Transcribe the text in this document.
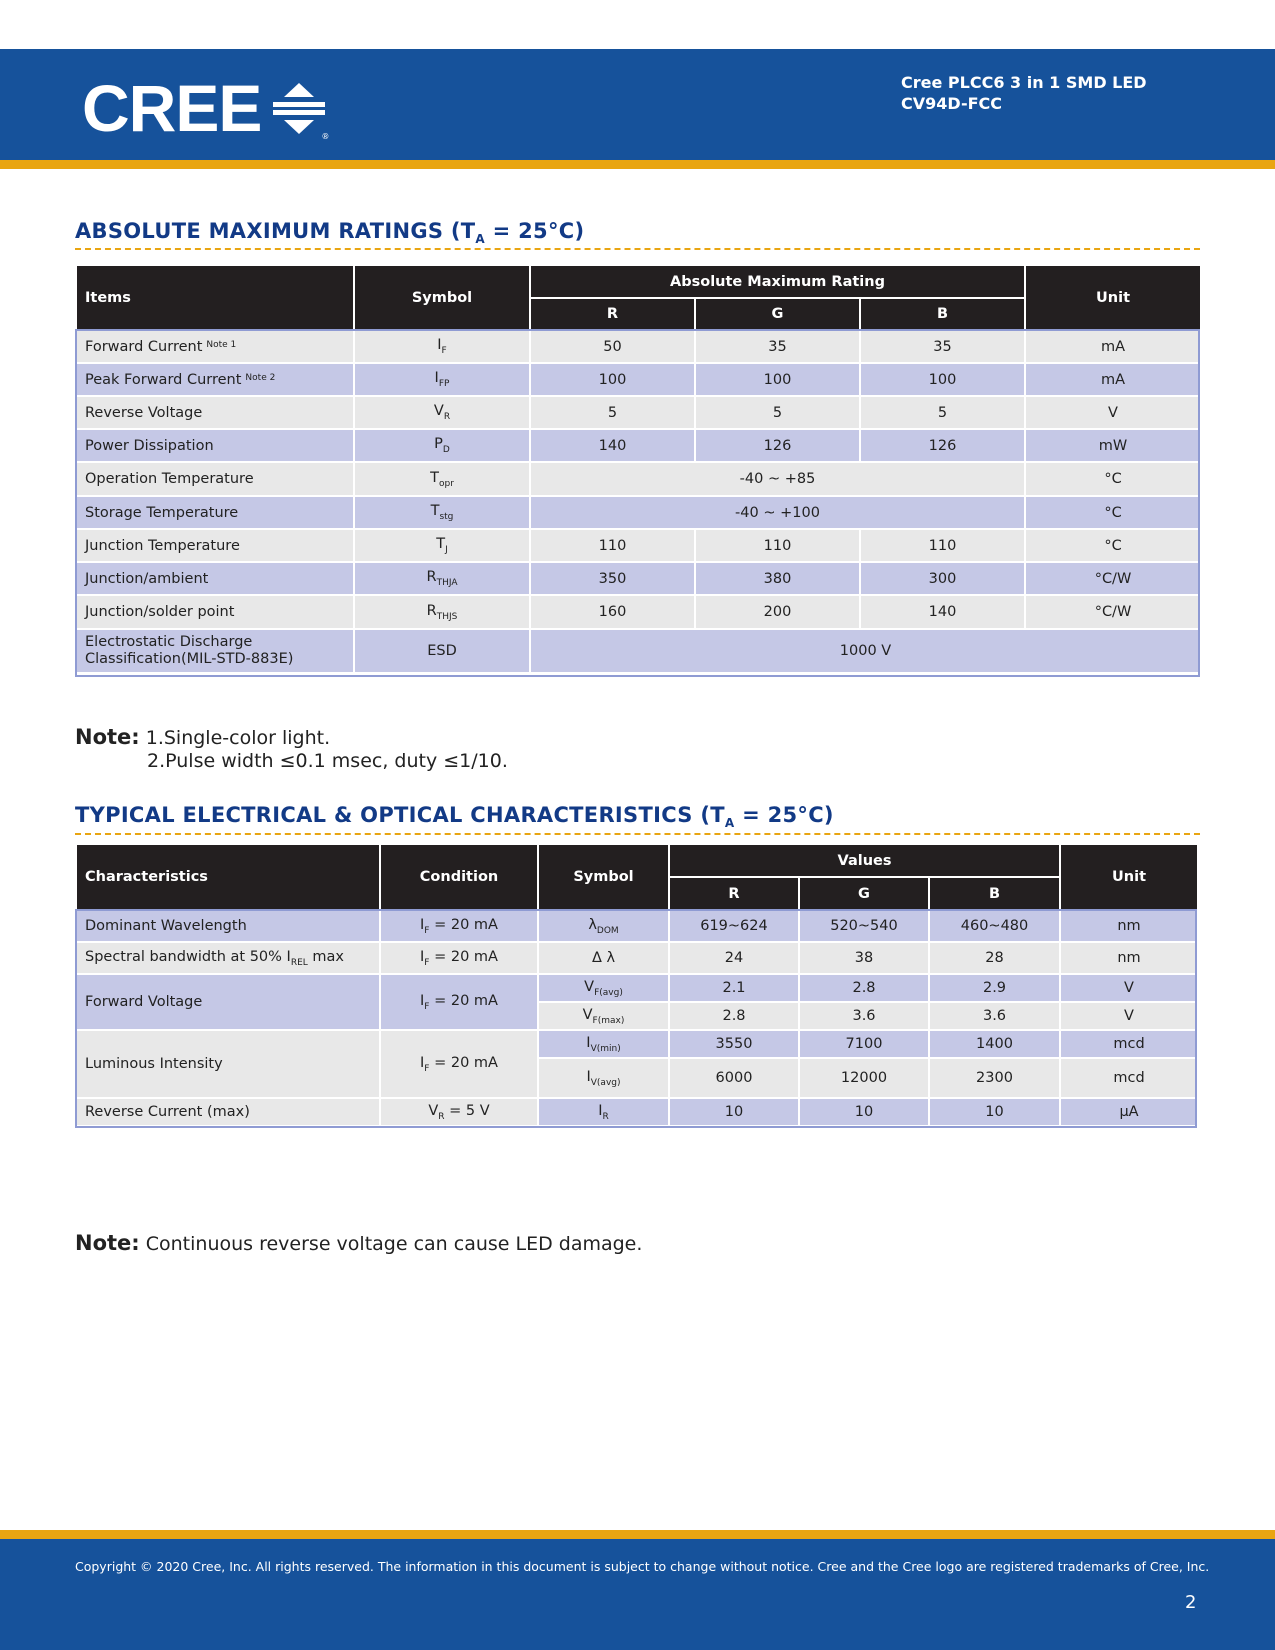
CREE	®
Cree PLCC6 3 in 1 SMD LED
CV94D-FCC
ABSOLUTE MAXIMUM RATINGS $(T_A = 25^\circ C)$
Items	Symbol	Absolute Maximum Rating			Unit
		R	G	B	
Forward Current $^{Note 1}$	$I_F$	50	35	35	mA
Peak Forward Current $^{Note 2}$	$I_{FP}$	100	100	100	mA
Reverse Voltage	$V_R$	5	5	5	V
Power Dissipation	$P_D$	140	126	126	mW
Operation Temperature	$T_{opr}$	-40 ~ +85			°C
Storage Temperature	$T_{stg}$	-40 ~ +100			°C
Junction Temperature	$T_J$	110	110	110	°C
Junction/ambient	$R_{THJA}$	350	380	300	°C/W
Junction/solder point	$R_{THJS}$	160	200	140	°C/W

Electrostatic Discharge
Classification(MIL-STD-883E)	ESD	1000 V			
Note: 1.Single-color light.
2.Pulse width ≤0.1 msec, duty ≤1/10.
TYPICAL ELECTRICAL & OPTICAL CHARACTERISTICS $(T_A = 25^\circ C)$
Characteristics	Condition	Symbol	Values			Unit
			R	G	B	
Dominant Wavelength	$I_F = 20$ mA	$\lambda_{DOM}$	619~624	520~540	460~480	nm
Spectral bandwidth at 50% $I_{REL}$ max	$I_F = 20$ mA	Δ λ	24	38	28	nm
Forward Voltage	$I_F = 20$ mA	$V_{F(avg)}$	2.1	2.8	2.9	V
		$V_{F(max)}$	2.8	3.6	3.6	V
Luminous Intensity	$I_F = 20$ mA	$I_{V(min)}$	3550	7100	1400	mcd
		$I_{V(avg)}$	6000	12000	2300	mcd
Reverse Current (max)	$V_R = 5$ V	$I_R$	10	10	10	μA
Note: Continuous reverse voltage can cause LED damage.
Copyright © 2020 Cree, Inc. All rights reserved. The information in this document is subject to change without notice. Cree and the Cree logo are registered trademarks of Cree, Inc.
2
